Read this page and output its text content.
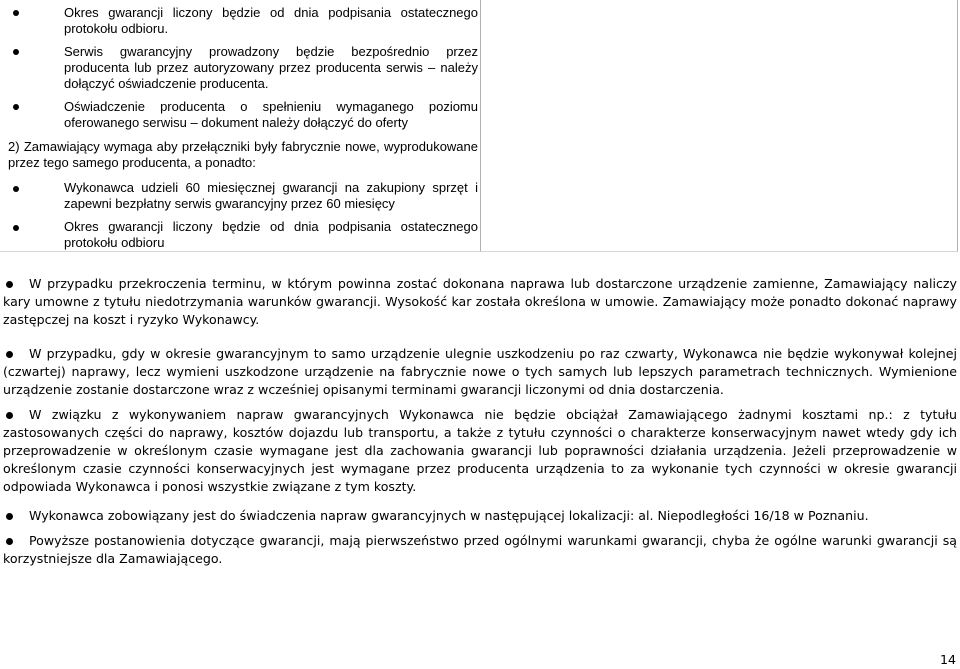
Okres gwarancji liczony będzie od dnia podpisania ostatecznego protokołu odbioru.
Serwis gwarancyjny prowadzony będzie bezpośrednio przez producenta lub przez autoryzowany przez producenta serwis – należy dołączyć oświadczenie producenta.
Oświadczenie producenta o spełnieniu wymaganego poziomu oferowanego serwisu – dokument należy dołączyć do oferty
2) Zamawiający wymaga aby przełączniki były fabrycznie nowe, wyprodukowane przez tego samego producenta, a ponadto:
Wykonawca udzieli 60 miesięcznej gwarancji na zakupiony sprzęt i zapewni bezpłatny serwis gwarancyjny przez 60 miesięcy
Okres gwarancji liczony będzie od dnia podpisania ostatecznego protokołu odbioru
W przypadku przekroczenia terminu, w którym powinna zostać dokonana naprawa lub dostarczone urządzenie zamienne, Zamawiający naliczy kary umowne z tytułu niedotrzymania warunków gwarancji. Wysokość kar została określona w umowie. Zamawiający może ponadto dokonać naprawy zastępczej na koszt i ryzyko Wykonawcy.
W przypadku, gdy w okresie gwarancyjnym to samo urządzenie ulegnie uszkodzeniu po raz czwarty, Wykonawca nie będzie wykonywał kolejnej (czwartej) naprawy, lecz wymieni uszkodzone urządzenie na fabrycznie nowe o tych samych lub lepszych parametrach technicznych. Wymienione urządzenie zostanie dostarczone wraz z wcześniej opisanymi terminami gwarancji liczonymi od dnia dostarczenia.
W związku z wykonywaniem napraw gwarancyjnych Wykonawca nie będzie obciążał Zamawiającego żadnymi kosztami np.: z tytułu zastosowanych części do naprawy, kosztów dojazdu lub transportu, a także z tytułu czynności o charakterze konserwacyjnym nawet wtedy gdy ich przeprowadzenie w określonym czasie wymagane jest dla zachowania gwarancji lub poprawności działania urządzenia. Jeżeli przeprowadzenie w określonym czasie czynności konserwacyjnych jest wymagane przez producenta urządzenia to za wykonanie tych czynności w okresie gwarancji odpowiada Wykonawca i ponosi wszystkie związane z tym koszty.
Wykonawca zobowiązany jest do świadczenia napraw gwarancyjnych w następującej lokalizacji: al. Niepodległości 16/18 w Poznaniu.
Powyższe postanowienia dotyczące gwarancji, mają pierwszeństwo przed ogólnymi warunkami gwarancji, chyba że ogólne warunki gwarancji są korzystniejsze dla Zamawiającego.
14
